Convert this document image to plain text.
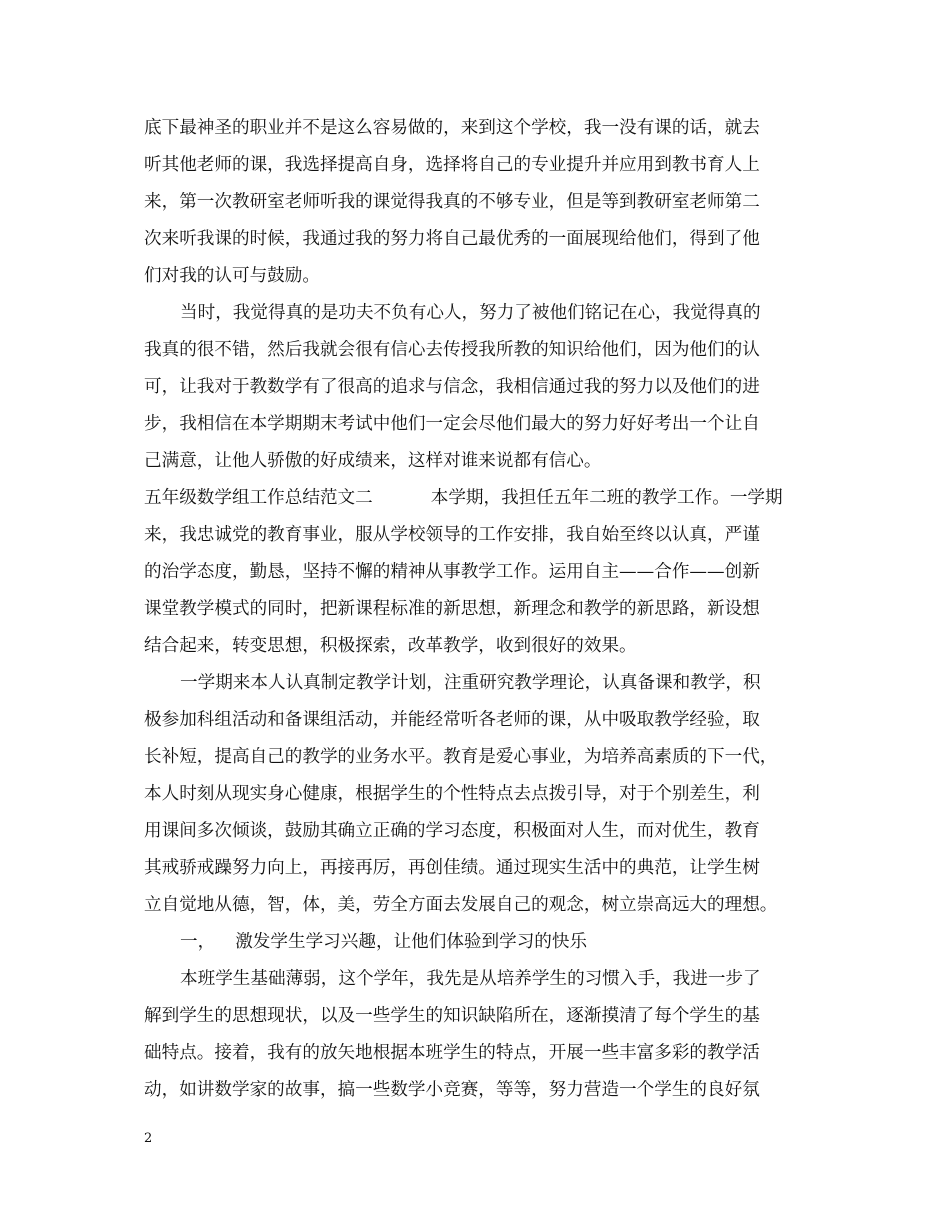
底下最神圣的职业并不是这么容易做的，来到这个学校，我一没有课的话，就去
听其他老师的课，我选择提高自身，选择将自己的专业提升并应用到教书育人上
来，第一次教研室老师听我的课觉得我真的不够专业，但是等到教研室老师第二
次来听我课的时候，我通过我的努力将自己最优秀的一面展现给他们，得到了他
们对我的认可与鼓励。
当时，我觉得真的是功夫不负有心人，努力了被他们铭记在心，我觉得真的
我真的很不错，然后我就会很有信心去传授我所教的知识给他们，因为他们的认
可，让我对于教数学有了很高的追求与信念，我相信通过我的努力以及他们的进
步，我相信在本学期期末考试中他们一定会尽他们最大的努力好好考出一个让自
己满意，让他人骄傲的好成绩来，这样对谁来说都有信心。
五年级数学组工作总结范文二	本学期，我担任五年二班的教学工作。一学期
来，我忠诚党的教育事业，服从学校领导的工作安排，我自始至终以认真，严谨
的治学态度，勤恳，坚持不懈的精神从事教学工作。运用自主——合作——创新
课堂教学模式的同时，把新课程标准的新思想，新理念和教学的新思路，新设想
结合起来，转变思想，积极探索，改革教学，收到很好的效果。
一学期来本人认真制定教学计划，注重研究教学理论，认真备课和教学，积
极参加科组活动和备课组活动，并能经常听各老师的课，从中吸取教学经验，取
长补短，提高自己的教学的业务水平。教育是爱心事业，为培养高素质的下一代，
本人时刻从现实身心健康，根据学生的个性特点去点拨引导，对于个别差生，利
用课间多次倾谈，鼓励其确立正确的学习态度，积极面对人生，而对优生，教育
其戒骄戒躁努力向上，再接再厉，再创佳绩。通过现实生活中的典范，让学生树
立自觉地从德，智，体，美，劳全方面去发展自己的观念，树立崇高远大的理想。
一， 激发学生学习兴趣，让他们体验到学习的快乐
本班学生基础薄弱，这个学年，我先是从培养学生的习惯入手，我进一步了
解到学生的思想现状，以及一些学生的知识缺陷所在，逐渐摸清了每个学生的基
础特点。接着，我有的放矢地根据本班学生的特点，开展一些丰富多彩的教学活
动，如讲数学家的故事，搞一些数学小竞赛，等等，努力营造一个学生的良好氛
2
